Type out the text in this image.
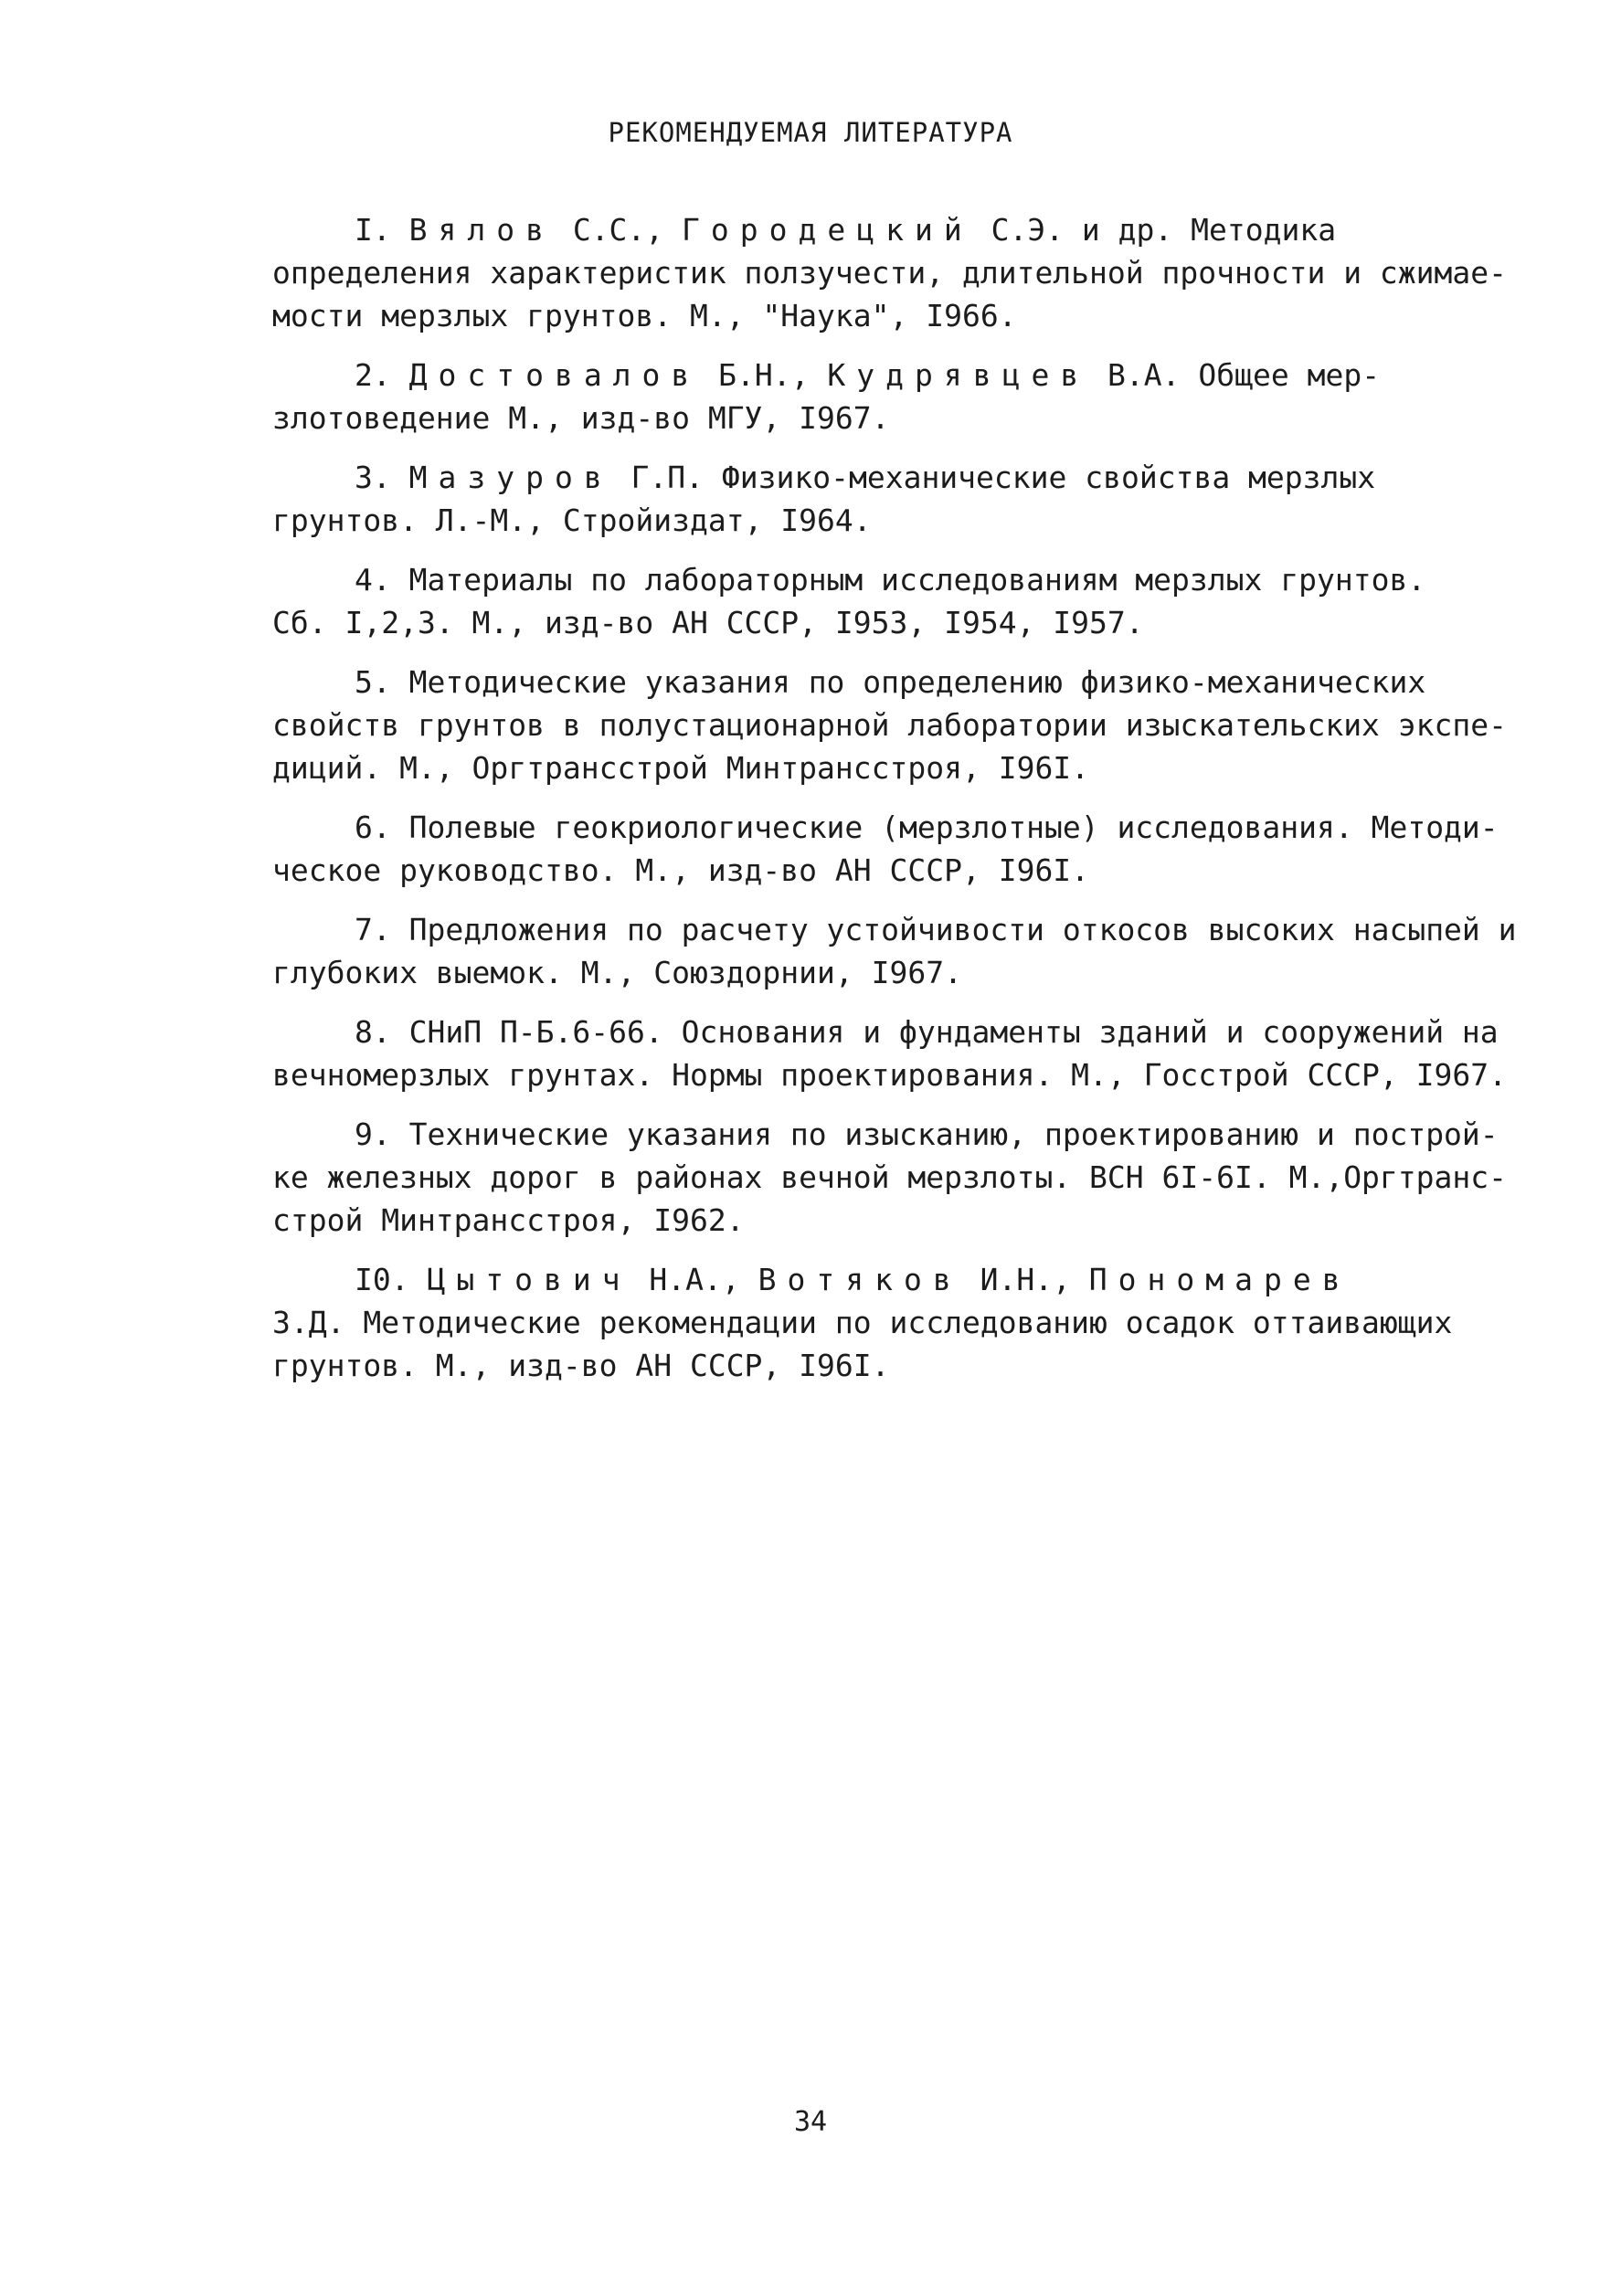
РЕКОМЕНДУЕМАЯ ЛИТЕРАТУРА
I. Вялов С.С., Городецкий С.Э. и др. Методика
определения характеристик ползучести, длительной прочности и сжимае-
мости мерзлых грунтов. М., "Наука", I966.
2. Достовалов Б.Н., Кудрявцев В.А. Общее мер-
злотоведение М., изд-во МГУ, I967.
3. Мазуров Г.П. Физико-механические свойства мерзлых
грунтов. Л.-М., Стройиздат, I964.
4. Материалы по лабораторным исследованиям мерзлых грунтов.
Сб. I,2,3. М., изд-во АН СССР, I953, I954, I957.
5. Методические указания по определению физико-механических
свойств грунтов в полустационарной лаборатории изыскательских экспе-
диций. М., Оргтрансстрой Минтрансстроя, I96I.
6. Полевые геокриологические (мерзлотные) исследования. Методи-
ческое руководство. М., изд-во АН СССР, I96I.
7. Предложения по расчету устойчивости откосов высоких насыпей и
глубоких выемок. М., Союздорнии, I967.
8. СНиП П-Б.6-66. Основания и фундаменты зданий и сооружений на
вечномерзлых грунтах. Нормы проектирования. М., Госстрой СССР, I967.
9. Технические указания по изысканию, проектированию и построй-
ке железных дорог в районах вечной мерзлоты. ВСН 6I-6I. М.,Оргтранс-
строй Минтрансстроя, I962.
I0. Цытович Н.А., Вотяков И.Н., Пономарев
З.Д. Методические рекомендации по исследованию осадок оттаивающих
грунтов. М., изд-во АН СССР, I96I.
34
